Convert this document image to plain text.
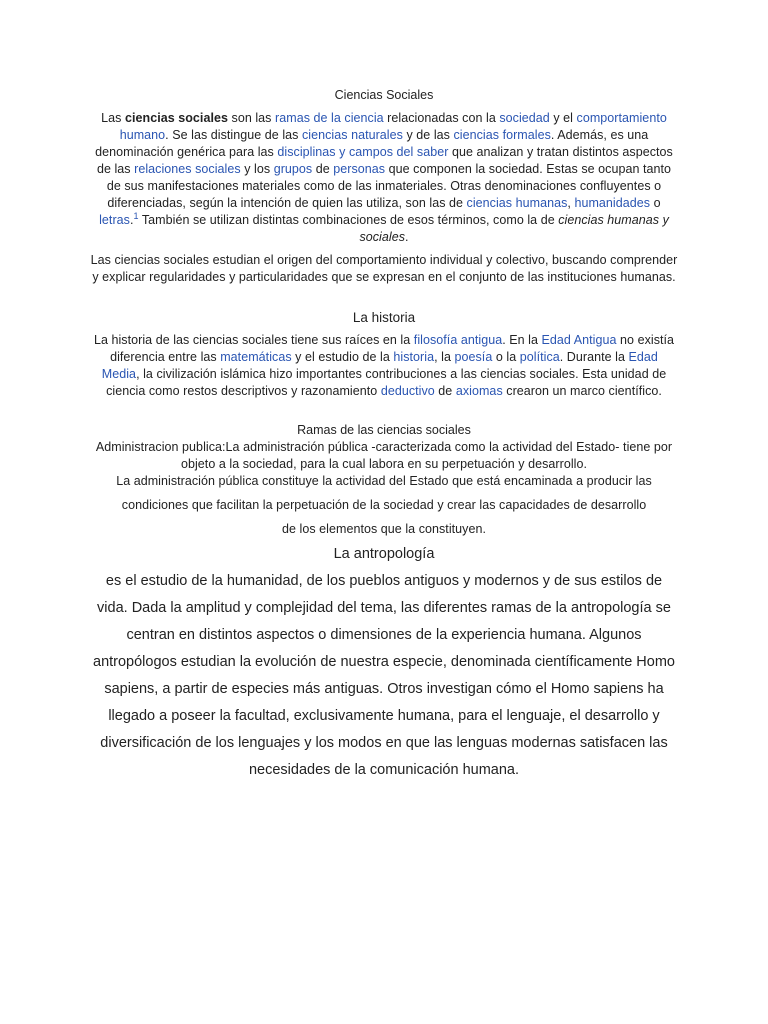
Ciencias Sociales

Las ciencias sociales son las ramas de la ciencia relacionadas con la sociedad y el comportamiento humano. Se las distingue de las ciencias naturales y de las ciencias formales. Además, es una denominación genérica para las disciplinas y campos del saber que analizan y tratan distintos aspectos de las relaciones sociales y los grupos de personas que componen la sociedad. Estas se ocupan tanto de sus manifestaciones materiales como de las inmateriales. Otras denominaciones confluyentes o diferenciadas, según la intención de quien las utiliza, son las de ciencias humanas, humanidades o letras.$^1$ También se utilizan distintas combinaciones de esos términos, como la de ciencias humanas y sociales.

Las ciencias sociales estudian el origen del comportamiento individual y colectivo, buscando comprender y explicar regularidades y particularidades que se expresan en el conjunto de las instituciones humanas.

La historia

La historia de las ciencias sociales tiene sus raíces en la filosofía antigua. En la Edad Antigua no existía diferencia entre las matemáticas y el estudio de la historia, la poesía o la política. Durante la Edad Media, la civilización islámica hizo importantes contribuciones a las ciencias sociales. Esta unidad de ciencia como restos descriptivos y razonamiento deductivo de axiomas crearon un marco científico.

Ramas de las ciencias sociales

Administracion publica:La administración pública -caracterizada como la actividad del Estado- tiene por objeto a la sociedad, para la cual labora en su perpetuación y desarrollo.

La administración pública constituye la actividad del Estado que está encaminada a producir las

condiciones que facilitan la perpetuación de la sociedad y crear las capacidades de desarrollo

de los elementos que la constituyen.

La antropología

es el estudio de la humanidad, de los pueblos antiguos y modernos y de sus estilos de vida. Dada la amplitud y complejidad del tema, las diferentes ramas de la antropología se centran en distintos aspectos o dimensiones de la experiencia humana. Algunos antropólogos estudian la evolución de nuestra especie, denominada científicamente Homo sapiens, a partir de especies más antiguas. Otros investigan cómo el Homo sapiens ha llegado a poseer la facultad, exclusivamente humana, para el lenguaje, el desarrollo y diversificación de los lenguajes y los modos en que las lenguas modernas satisfacen las necesidades de la comunicación humana.
